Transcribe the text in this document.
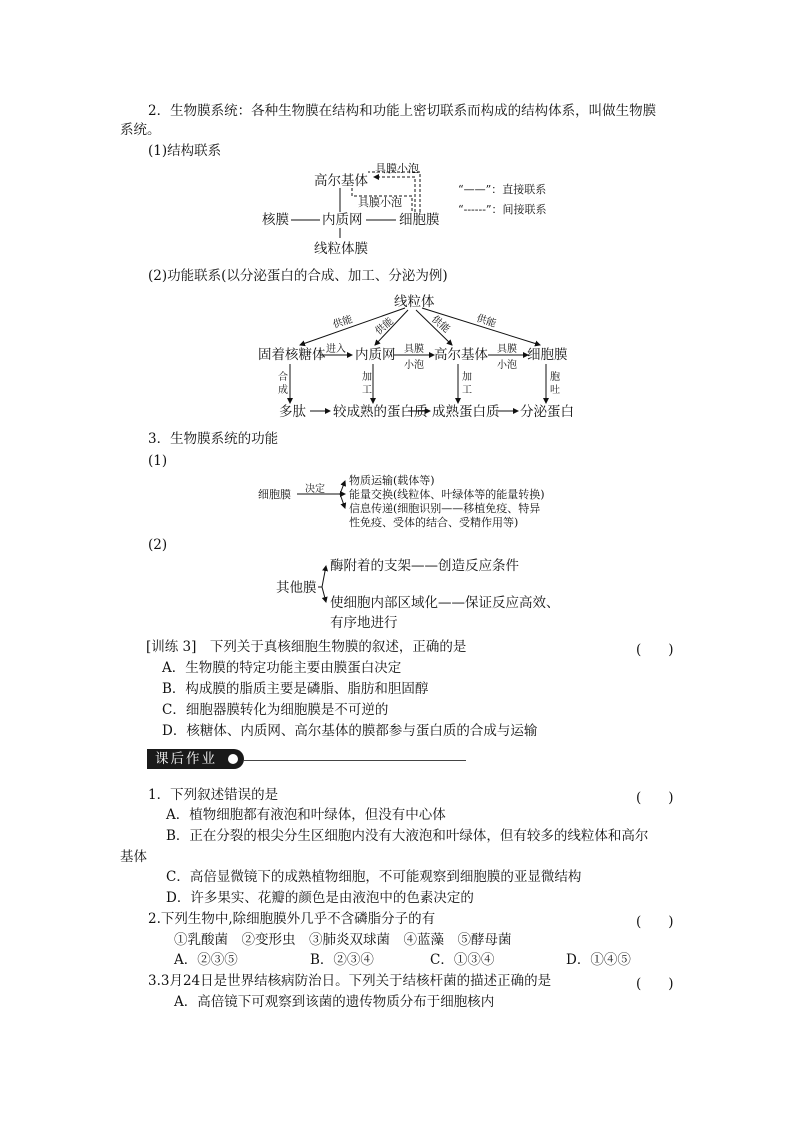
2．生物膜系统：各种生物膜在结构和功能上密切联系而构成的结构体系，叫做生物膜
系统。
(1)结构联系
高尔基体
具膜小泡
具膜小泡
核膜 内质网	细胞膜
线粒体膜
“——”：直接联系
“------”：间接联系
(2)功能联系(以分泌蛋白的合成、加工、分泌为例)
线粒体
供能 供能	供能 供能
固着核糖体 进入 内质网 具膜
小泡
高尔基体 具膜
小泡
细胞膜
合
成
加
工
加
工
胞
吐
多肽 较成熟的蛋白质 成熟蛋白质 分泌蛋白
3．生物膜系统的功能
(1)
细胞膜 决定
物质运输(载体等)
能量交换(线粒体、叶绿体等的能量转换)
信息传递(细胞识别——移植免疫、特异
性免疫、受体的结合、受精作用等)
(2)
其他膜
酶附着的支架——创造反应条件
使细胞内部区域化——保证反应高效、
有序地进行
[训练 3]　下列关于真核细胞生物膜的叙述，正确的是	(　　)
A．生物膜的特定功能主要由膜蛋白决定
B．构成膜的脂质主要是磷脂、脂肪和胆固醇
C．细胞器膜转化为细胞膜是不可逆的
D．核糖体、内质网、高尔基体的膜都参与蛋白质的合成与运输
课后作业
1．下列叙述错误的是	(　　)
A．植物细胞都有液泡和叶绿体，但没有中心体
B．正在分裂的根尖分生区细胞内没有大液泡和叶绿体，但有较多的线粒体和高尔
基体
C．高倍显微镜下的成熟植物细胞，不可能观察到细胞膜的亚显微结构
D．许多果实、花瓣的颜色是由液泡中的色素决定的
2.下列生物中,除细胞膜外几乎不含磷脂分子的有	(　　)
①乳酸菌　②变形虫　③肺炎双球菌　④蓝藻　⑤酵母菌
A．②③⑤	B．②③④	C．①③④	D．①④⑤
3.3月24日是世界结核病防治日。下列关于结核杆菌的描述正确的是	(　　)
A．高倍镜下可观察到该菌的遗传物质分布于细胞核内
